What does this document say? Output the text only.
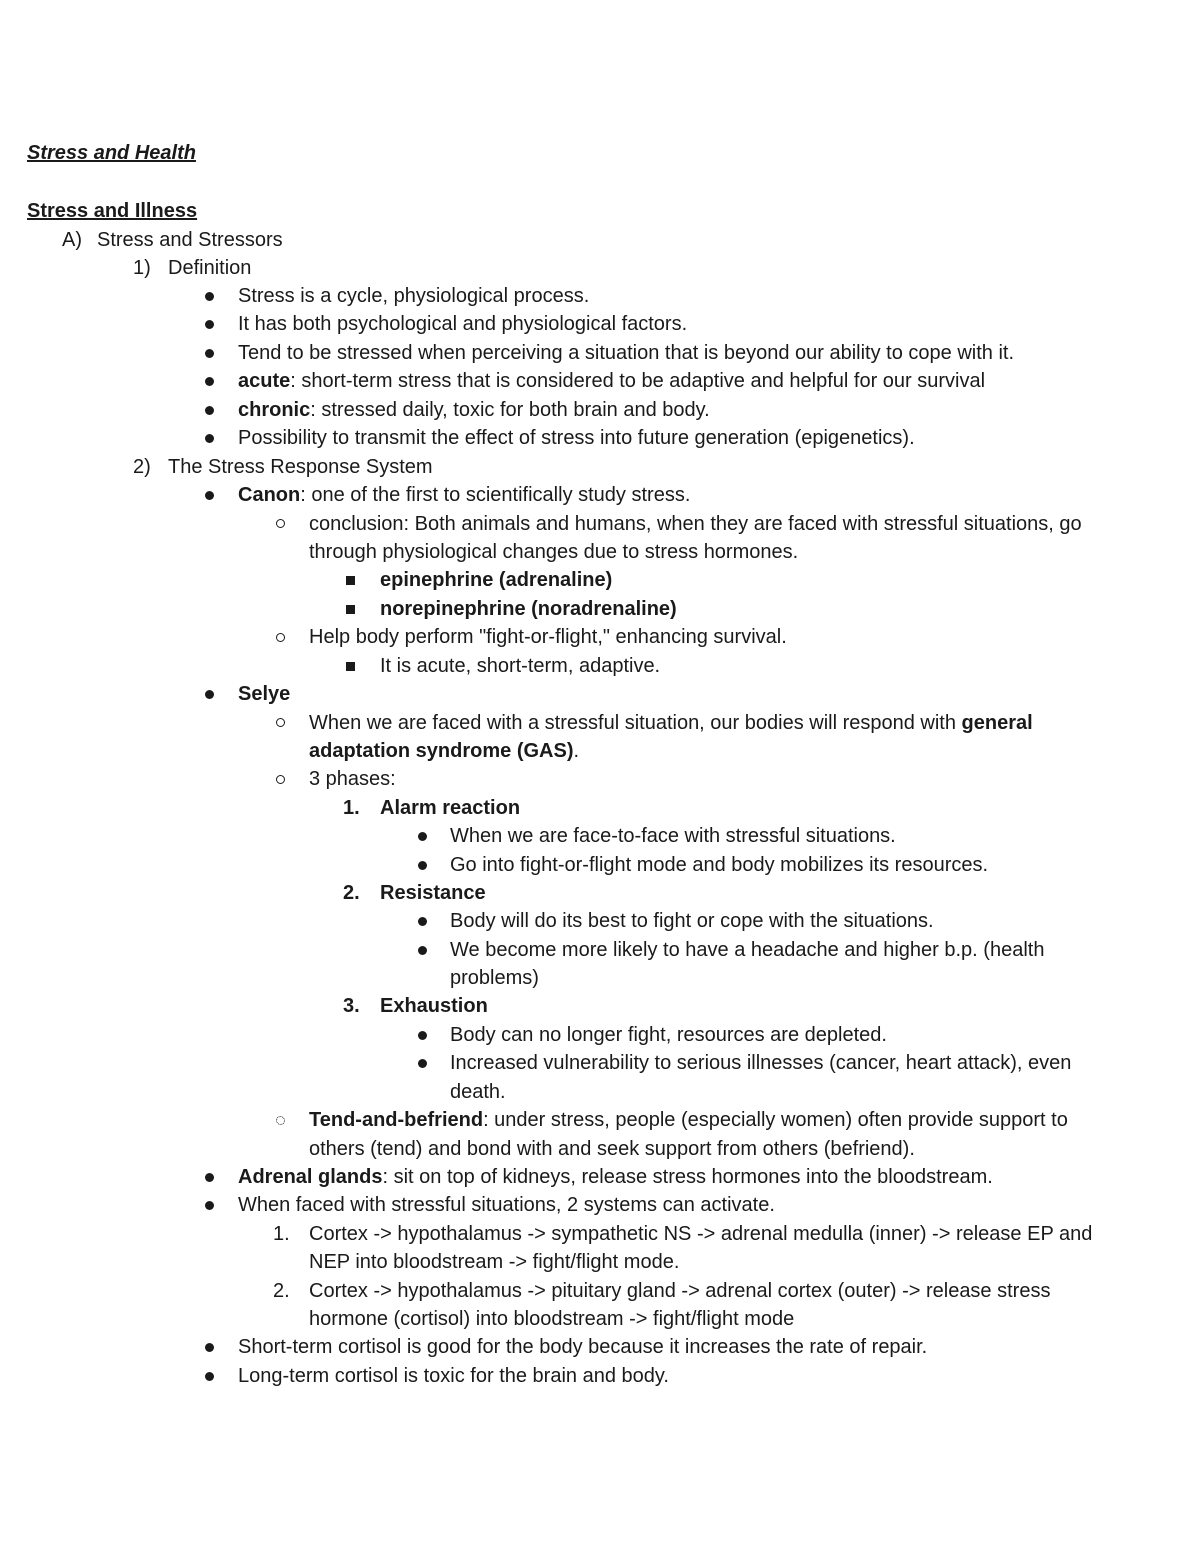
Stress and Health
Stress and Illness
A) Stress and Stressors
1) Definition
Stress is a cycle, physiological process.
It has both psychological and physiological factors.
Tend to be stressed when perceiving a situation that is beyond our ability to cope with it.
acute: short-term stress that is considered to be adaptive and helpful for our survival
chronic: stressed daily, toxic for both brain and body.
Possibility to transmit the effect of stress into future generation (epigenetics).
2) The Stress Response System
Canon: one of the first to scientifically study stress.
conclusion: Both animals and humans, when they are faced with stressful situations, go
through physiological changes due to stress hormones.
epinephrine (adrenaline)
norepinephrine (noradrenaline)
Help body perform "fight-or-flight," enhancing survival.
It is acute, short-term, adaptive.
Selye
When we are faced with a stressful situation, our bodies will respond with general
adaptation syndrome (GAS).
3 phases:
1. Alarm reaction
When we are face-to-face with stressful situations.
Go into fight-or-flight mode and body mobilizes its resources.
2. Resistance
Body will do its best to fight or cope with the situations.
We become more likely to have a headache and higher b.p. (health
problems)
3. Exhaustion
Body can no longer fight, resources are depleted.
Increased vulnerability to serious illnesses (cancer, heart attack), even
death.
Tend-and-befriend: under stress, people (especially women) often provide support to
others (tend) and bond with and seek support from others (befriend).
Adrenal glands: sit on top of kidneys, release stress hormones into the bloodstream.
When faced with stressful situations, 2 systems can activate.
1. Cortex -> hypothalamus -> sympathetic NS -> adrenal medulla (inner) -> release EP and
NEP into bloodstream -> fight/flight mode.
2. Cortex -> hypothalamus -> pituitary gland -> adrenal cortex (outer) -> release stress
hormone (cortisol) into bloodstream -> fight/flight mode
Short-term cortisol is good for the body because it increases the rate of repair.
Long-term cortisol is toxic for the brain and body.
